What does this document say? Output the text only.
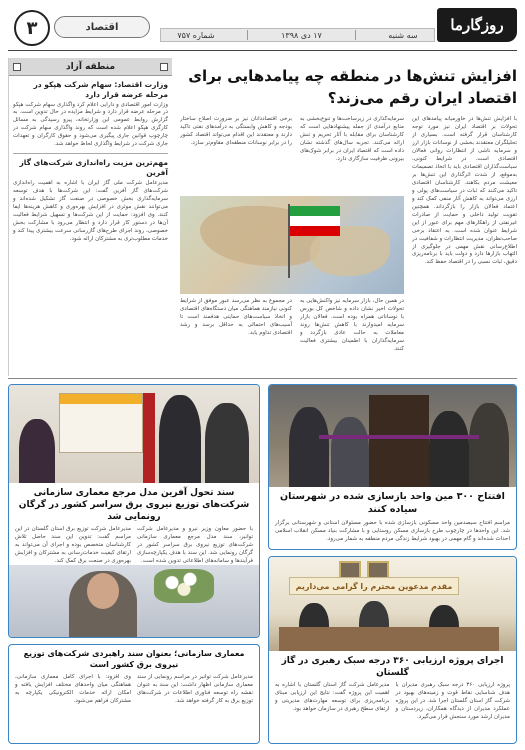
روزگارما
سه شنبه
۱۷ دی ۱۳۹۸
شماره ۷۵۷
اقتصاد
۳
افزایش تنش‌ها در منطقه چه پیامدهایی برای اقتصاد ایران رقم می‌زند؟

با افزایش تنش‌ها در خاورمیانه پیامدهای این تحولات بر اقتصاد ایران نیز مورد توجه کارشناسان قرار گرفته است. بسیاری از تحلیلگران معتقدند بخشی از نوسانات بازار ارز و سرمایه ناشی از انتظارات روانی فعالان اقتصادی است. در شرایط کنونی، سیاست‌گذاران اقتصادی باید با اتخاذ تصمیمات به‌موقع، از شدت اثرگذاری این تنش‌ها بر معیشت مردم بکاهند. کارشناسان اقتصادی تاکید می‌کنند که ثبات در سیاست‌های پولی و ارزی می‌تواند به کاهش آثار منفی کمک کند و اعتماد فعالان بازار را بازگرداند. همچنین تقویت تولید داخلی و حمایت از صادرات غیرنفتی از راهکارهای مهم برای عبور از این شرایط عنوان شده است. به اعتقاد برخی صاحب‌نظران، مدیریت انتظارات و شفافیت در اطلاع‌رسانی نقش مهمی در جلوگیری از التهاب بازارها دارد و دولت باید با برنامه‌ریزی دقیق، ثبات نسبی را در اقتصاد حفظ کند.

سرمایه‌گذاری در زیرساخت‌ها و تنوع‌بخشی به منابع درآمدی از جمله پیشنهادهایی است که کارشناسان برای مقابله با آثار تحریم و تنش ارائه می‌کنند. تجربه سال‌های گذشته نشان داده است که اقتصاد ایران در برابر شوک‌های بیرونی ظرفیت سازگاری دارد.

برخی اقتصاددانان نیز بر ضرورت اصلاح ساختار بودجه و کاهش وابستگی به درآمدهای نفتی تاکید دارند و معتقدند این اقدام می‌تواند اقتصاد کشور را در برابر نوسانات منطقه‌ای مقاوم‌تر سازد.

در همین حال، بازار سرمایه نیز واکنش‌هایی به تحولات اخیر نشان داده و شاخص کل بورس با نوساناتی همراه بوده است. فعالان بازار سرمایه امیدوارند با کاهش تنش‌ها روند معاملات به حالت عادی بازگردد و سرمایه‌گذاران با اطمینان بیشتری فعالیت کنند.

در مجموع به نظر می‌رسد عبور موفق از شرایط کنونی نیازمند هماهنگی میان دستگاه‌های اقتصادی و اتخاذ سیاست‌های حمایتی هدفمند است تا آسیب‌های احتمالی به حداقل برسد و رشد اقتصادی تداوم یابد.

منطقه آزاد
وزارت اقتصاد: سهام شرکت هپکو در مرحله عرضه قرار دارد

وزارت امور اقتصادی و دارایی اعلام کرد واگذاری سهام شرکت هپکو در مرحله عرضه قرار دارد و شرایط مزایده در حال تدوین است. به گزارش روابط عمومی این وزارتخانه، پیرو رسیدگی به مسائل کارگری هپکو اعلام شده است که روند واگذاری سهام شرکت در چارچوب قوانین جاری پیگیری می‌شود و حقوق کارگران و تعهدات جاری شرکت در شرایط واگذاری لحاظ خواهد شد.

مهم‌ترین مزیت راه‌اندازی شرکت‌های گاز آفرین

مدیرعامل شرکت ملی گاز ایران با اشاره به اهمیت راه‌اندازی شرکت‌های گاز آفرین گفت: این شرکت‌ها با هدف توسعه سرمایه‌گذاری بخش خصوصی در صنعت گاز تشکیل شده‌اند و می‌توانند نقش موثری در افزایش بهره‌وری و کاهش هزینه‌ها ایفا کنند. وی افزود: حمایت از این شرکت‌ها و تسهیل شرایط فعالیت آن‌ها در دستور کار قرار دارد و انتظار می‌رود با مشارکت بخش خصوصی، روند اجرای طرح‌های گازرسانی سرعت بیشتری پیدا کند و خدمات مطلوب‌تری به مشترکان ارائه شود.

افتتاح ۳۰۰ مین واحد بازسازی شده در شهرستان سیاده کنند

مراسم افتتاح سیصدمین واحد مسکونی بازسازی شده با حضور مسئولان استانی و شهرستانی برگزار شد. این واحدها در چارچوب طرح بازسازی مسکن روستایی و با مشارکت بنیاد مسکن انقلاب اسلامی احداث شده‌اند و گام مهمی در بهبود شرایط زندگی مردم منطقه به شمار می‌رود.

سند تحول آفرین مدل مرجع معماری سازمانی شرکت‌های توزیع نیروی برق سراسر کشور در گرگان رونمایی شد

با حضور معاون وزیر نیرو و مدیرعامل شرکت توانیر، سند مدل مرجع معماری سازمانی شرکت‌های توزیع نیروی برق سراسر کشور در گرگان رونمایی شد. این سند با هدف یکپارچه‌سازی فرآیندها و سامانه‌های اطلاعاتی تدوین شده است.

مدیرعامل شرکت توزیع برق استان گلستان در این مراسم گفت: تدوین این سند حاصل تلاش کارشناسان متخصص بوده و اجرای آن می‌تواند به ارتقای کیفیت خدمات‌رسانی به مشترکان و افزایش بهره‌وری در صنعت برق کمک کند.

مقدم مدعوین محترم را گرامی می‌داریم
اجرای پروژه ارزیابی ۳۶۰ درجه سبک رهبری در گاز گلستان

پروژه ارزیابی ۳۶۰ درجه سبک رهبری مدیران با هدف شناسایی نقاط قوت و زمینه‌های بهبود در شرکت گاز استان گلستان اجرا شد. در این پروژه عملکرد مدیران از دیدگاه همکاران، زیردستان و مدیران ارشد مورد سنجش قرار می‌گیرد.

مدیرعامل شرکت گاز استان گلستان با اشاره به اهمیت این پروژه گفت: نتایج این ارزیابی مبنای برنامه‌ریزی برای توسعه مهارت‌های مدیریتی و ارتقای سطح رهبری در سازمان خواهد بود.

معماری سازمانی؛ بعنوان سند راهبردی شرکت‌های توزیع نیروی برق کشور است

مدیرعامل شرکت توانیر در مراسم رونمایی از سند معماری سازمانی اظهار داشت: این سند به عنوان نقشه راه توسعه فناوری اطلاعات در شرکت‌های توزیع برق به کار گرفته خواهد شد.

وی افزود: با اجرای کامل معماری سازمانی، هماهنگی میان واحدهای مختلف افزایش یافته و امکان ارائه خدمات الکترونیکی یکپارچه به مشترکان فراهم می‌شود.
